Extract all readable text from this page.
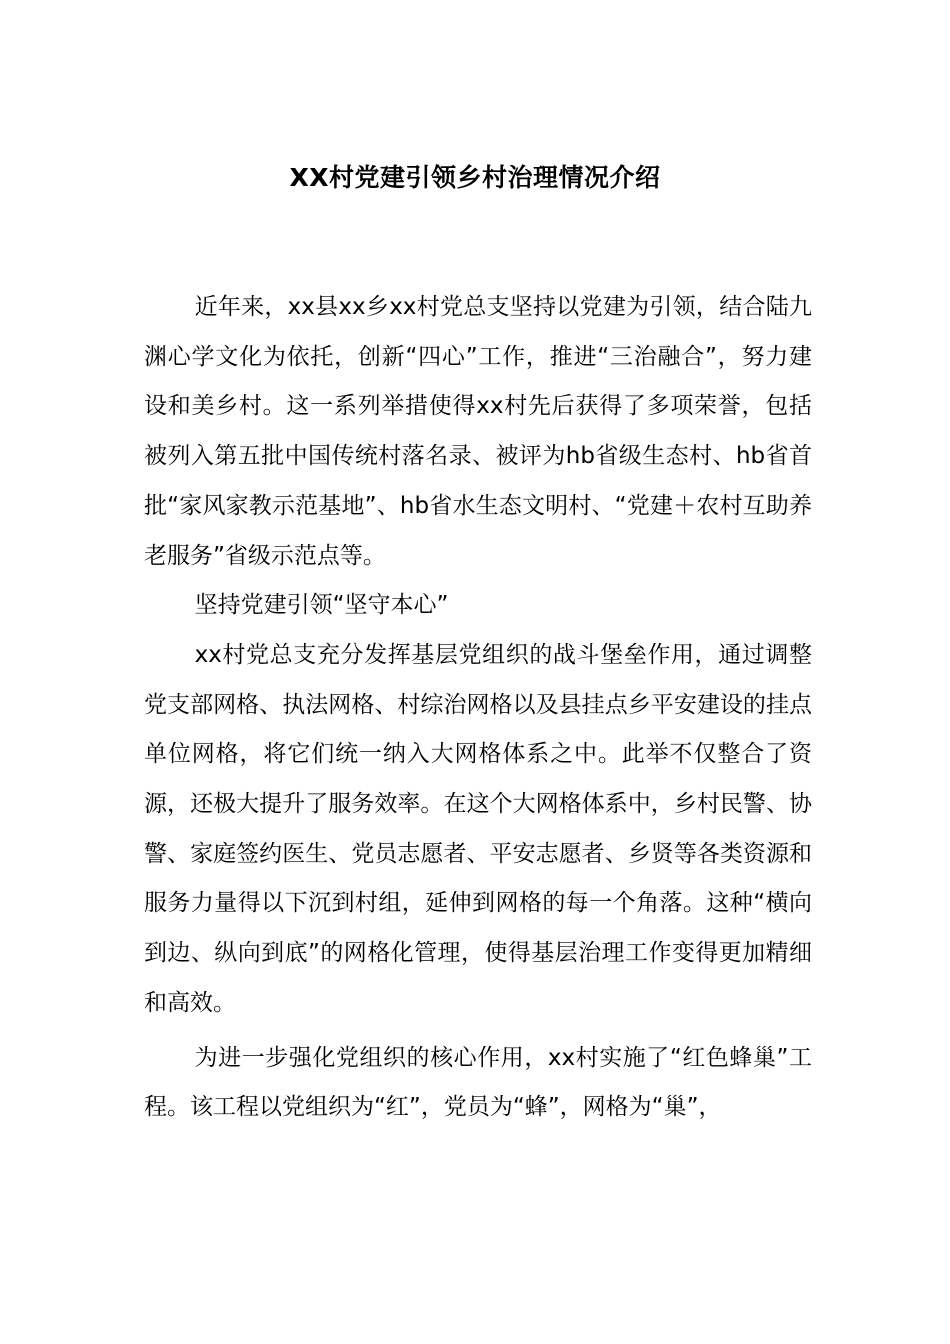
XX村党建引领乡村治理情况介绍

近年来，xx县xx乡xx村党总支坚持以党建为引领，结合陆九渊心学文化为依托，创新“四心”工作，推进“三治融合”，努力建设和美乡村。这一系列举措使得xx村先后获得了多项荣誉，包括被列入第五批中国传统村落名录、被评为hb省级生态村、hb省首批“家风家教示范基地”、hb省水生态文明村、“党建＋农村互助养老服务”省级示范点等。

坚持党建引领“坚守本心”

xx村党总支充分发挥基层党组织的战斗堡垒作用，通过调整党支部网格、执法网格、村综治网格以及县挂点乡平安建设的挂点单位网格，将它们统一纳入大网格体系之中。此举不仅整合了资源，还极大提升了服务效率。在这个大网格体系中，乡村民警、协警、家庭签约医生、党员志愿者、平安志愿者、乡贤等各类资源和服务力量得以下沉到村组，延伸到网格的每一个角落。这种“横向到边、纵向到底”的网格化管理，使得基层治理工作变得更加精细和高效。

为进一步强化党组织的核心作用，xx村实施了“红色蜂巢”工程。该工程以党组织为“红”，党员为“蜂”，网格为“巢”，
